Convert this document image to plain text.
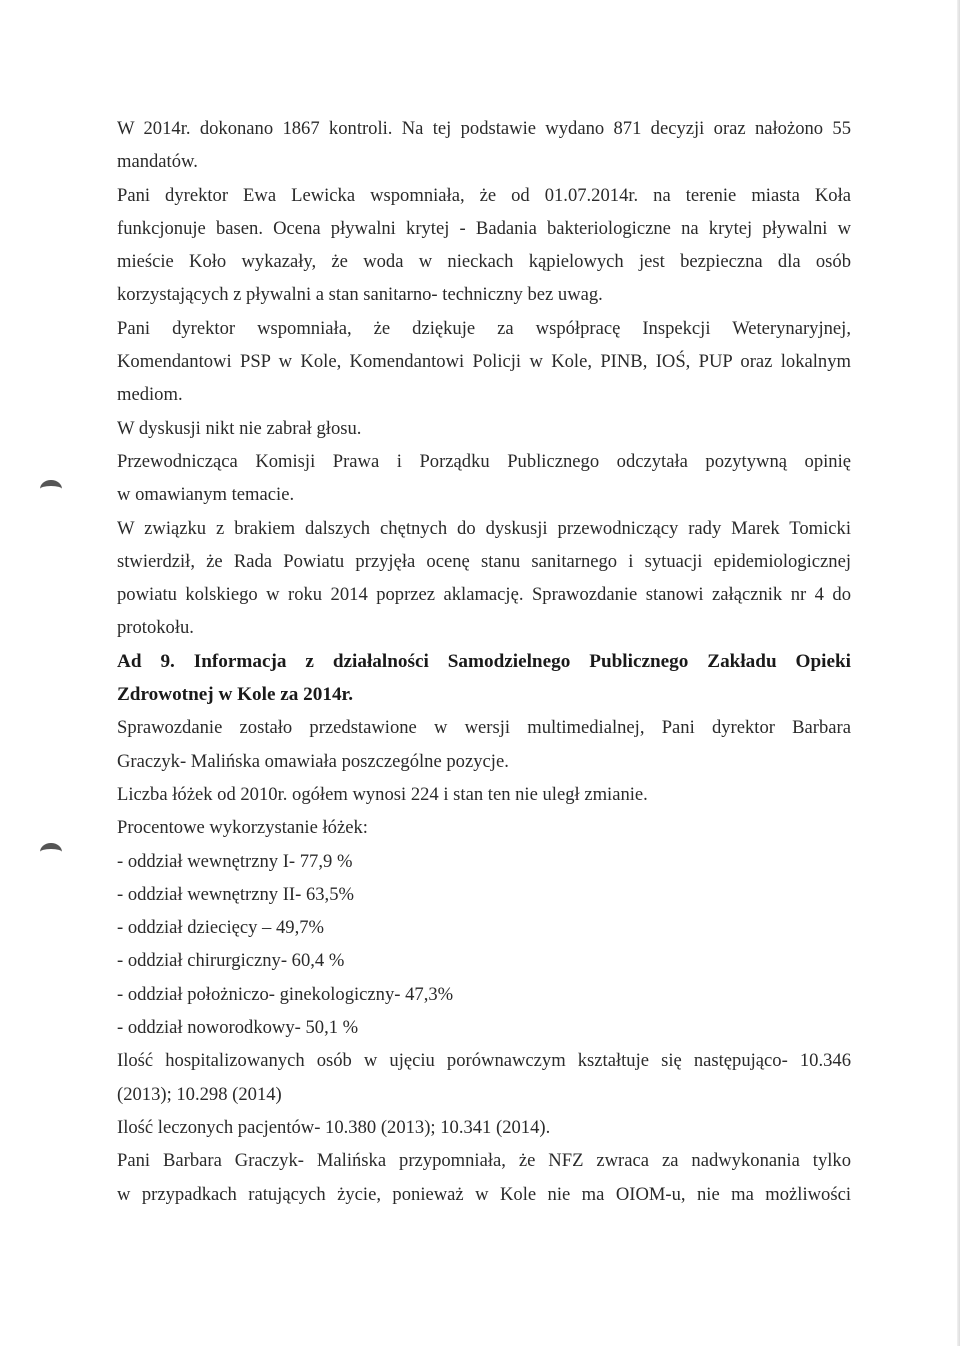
W 2014r. dokonano 1867 kontroli. Na tej podstawie wydano 871 decyzji oraz nałożono 55
mandatów.
Pani dyrektor Ewa Lewicka wspomniała, że od 01.07.2014r. na terenie miasta Koła
funkcjonuje basen. Ocena pływalni krytej - Badania bakteriologiczne na krytej pływalni w
mieście Koło wykazały, że woda w nieckach kąpielowych jest bezpieczna dla osób
korzystających z pływalni a stan sanitarno- techniczny bez uwag.
Pani dyrektor wspomniała, że dziękuje za współpracę Inspekcji Weterynaryjnej,
Komendantowi PSP w Kole, Komendantowi Policji w Kole, PINB, IOŚ, PUP oraz lokalnym
mediom.
W dyskusji nikt nie zabrał głosu.
Przewodnicząca Komisji Prawa i Porządku Publicznego odczytała pozytywną opinię
w omawianym temacie.
W związku z brakiem dalszych chętnych do dyskusji przewodniczący rady Marek Tomicki
stwierdził, że Rada Powiatu przyjęła ocenę stanu sanitarnego i sytuacji epidemiologicznej
powiatu kolskiego w roku 2014 poprzez aklamację. Sprawozdanie stanowi załącznik nr 4 do
protokołu.
Ad 9. Informacja z działalności Samodzielnego Publicznego Zakładu Opieki
Zdrowotnej w Kole za 2014r.
Sprawozdanie zostało przedstawione w wersji multimedialnej, Pani dyrektor Barbara
Graczyk- Malińska omawiała poszczególne pozycje.
Liczba łóżek od 2010r. ogółem wynosi 224 i stan ten nie uległ zmianie.
Procentowe wykorzystanie łóżek:
- oddział wewnętrzny I- 77,9 %
- oddział wewnętrzny II- 63,5%
- oddział dziecięcy – 49,7%
- oddział chirurgiczny- 60,4 %
- oddział położniczo- ginekologiczny- 47,3%
- oddział noworodkowy- 50,1 %
Ilość hospitalizowanych osób w ujęciu porównawczym kształtuje się następująco- 10.346
(2013); 10.298 (2014)
Ilość leczonych pacjentów- 10.380 (2013); 10.341 (2014).
Pani Barbara Graczyk- Malińska przypomniała, że NFZ zwraca za nadwykonania tylko
w przypadkach ratujących życie, ponieważ w Kole nie ma OIOM-u, nie ma możliwości
